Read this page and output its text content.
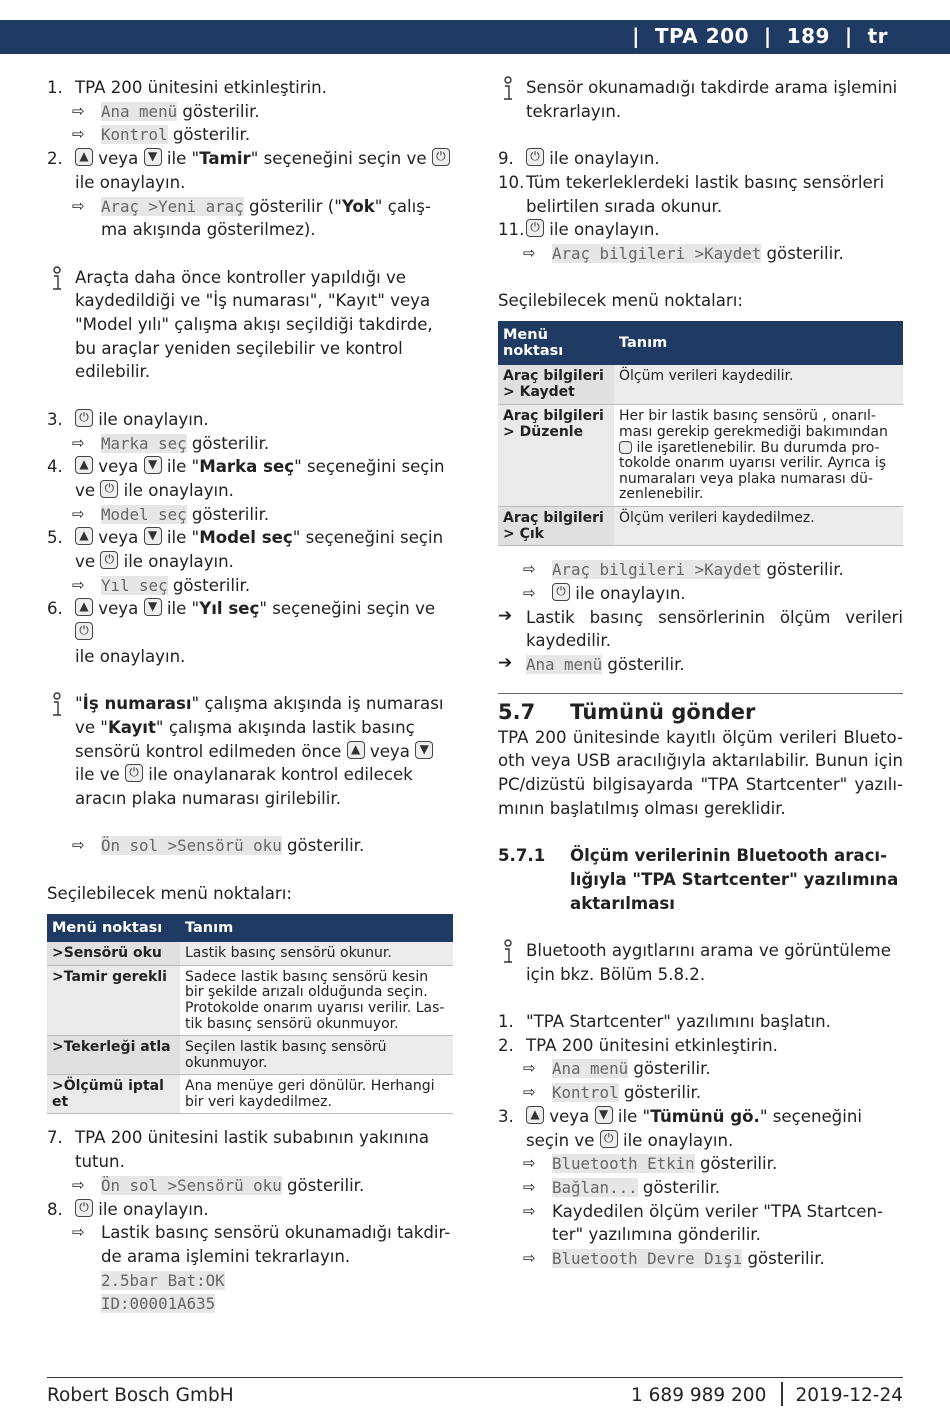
| TPA 200 | 189 | tr
1. TPA 200 ünitesini etkinleştirin.
⇨ Ana menü gösterilir.
⇨ Kontrol gösterilir.
2. ▲ veya ▼ ile "Tamir" seçeneğini seçin ve ⏻
ile onaylayın.
⇨ Araç >Yeni araç gösterilir ("Yok" çalış-ma akışında gösterilmez).
Araçta daha önce kontroller yapıldığı ve kaydedildiği ve "İş numarası", "Kayıt" veya "Model yılı" çalışma akışı seçildiği takdirde, bu araçlar yeniden seçilebilir ve kontrol edilebilir.
3. ⏻ ile onaylayın.
⇨ Marka seç gösterilir.
4. ▲ veya ▼ ile "Marka seç" seçeneğini seçin ve ⏻ ile onaylayın.
⇨ Model seç gösterilir.
5. ▲ veya ▼ ile "Model seç" seçeneğini seçin ve ⏻ ile onaylayın.
⇨ Yıl seç gösterilir.
6. ▲ veya ▼ ile "Yıl seç" seçeneğini seçin ve ⏻
ile onaylayın.
"İş numarası" çalışma akışında iş numarası ve "Kayıt" çalışma akışında lastik basınç sensörü kontrol edilmeden önce ▲ veya ▼ ile ve ⏻ ile onaylanarak kontrol edilecek aracın plaka numarası girilebilir.
⇨ Ön sol >Sensörü oku gösterilir.
Seçilebilecek menü noktaları:
Menü noktası	Tanım
>Sensörü oku	Lastik basınç sensörü okunur.
>Tamir gerekli	Sadece lastik basınç sensörü kesin bir şekilde arızalı olduğunda seçin. Protokolde onarım uyarısı verilir. Las-tik basınç sensörü okunmuyor.
>Tekerleği atla	Seçilen lastik basınç sensörü okunmuyor.
>Ölçümü iptal et	Ana menüye geri dönülür. Herhangi bir veri kaydedilmez.
7. TPA 200 ünitesini lastik subabının yakınına tutun.
⇨ Ön sol >Sensörü oku gösterilir.
8. ⏻ ile onaylayın.
⇨ Lastik basınç sensörü okunamadığı takdir-de arama işlemini tekrarlayın.
2.5bar Bat:OK
ID:00001A635
Sensör okunamadığı takdirde arama işlemini tekrarlayın.
9. ⏻ ile onaylayın.
10. Tüm tekerleklerdeki lastik basınç sensörleri belirtilen sırada okunur.
11. ⏻ ile onaylayın.
⇨ Araç bilgileri >Kaydet gösterilir.
Seçilebilecek menü noktaları:
Menü noktası	Tanım
Araç bilgileri > Kaydet	Ölçüm verileri kaydedilir.
Araç bilgileri > Düzenle	Her bir lastik basınç sensörü , onarıl-ması gerekip gerekmediği bakımından  ile işaretlenebilir. Bu durumda pro-tokolde onarım uyarısı verilir. Ayrıca iş numaraları veya plaka numarası dü-zenlenebilir.
Araç bilgileri > Çık	Ölçüm verileri kaydedilmez.
⇨ Araç bilgileri >Kaydet gösterilir.
⏻⇨ ile onaylayın.
➔ Lastik basınç sensörlerinin ölçüm verileri kaydedilir.
➔ Ana menü gösterilir.
5.7	Tümünü gönder
TPA 200 ünitesinde kayıtlı ölçüm verileri Blueto-oth veya USB aracılığıyla aktarılabilir. Bunun için PC/dizüstü bilgisayarda "TPA Startcenter" yazılı-mının başlatılmış olması gereklidir.
5.7.1	Ölçüm verilerinin Bluetooth aracı-lığıyla "TPA Startcenter" yazılımına aktarılması
Bluetooth aygıtlarını arama ve görüntüleme için bkz. Bölüm 5.8.2.
1. "TPA Startcenter" yazılımını başlatın.
2. TPA 200 ünitesini etkinleştirin.
⇨ Ana menü gösterilir.
⇨ Kontrol gösterilir.
3. ▲ veya ▼ ile "Tümünü gö." seçeneğini seçin ve ⏻ ile onaylayın.
⇨ Bluetooth Etkin gösterilir.
⇨ Bağlan... gösterilir.
⇨ Kaydedilen ölçüm veriler "TPA Startcen-ter" yazılımına gönderilir.
⇨ Bluetooth Devre Dışı gösterilir.
Robert Bosch GmbH	1 689 989 200 2019-12-24
